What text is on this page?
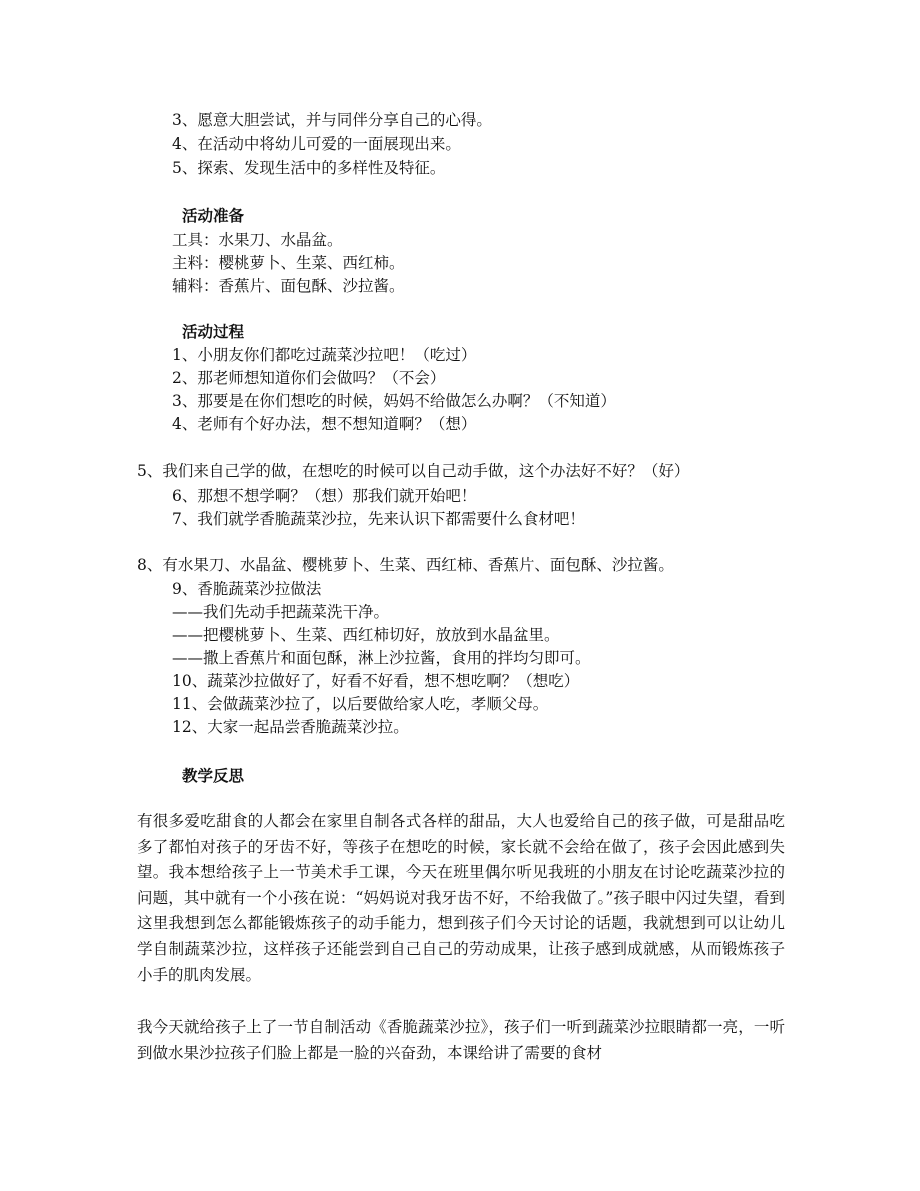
3、愿意大胆尝试，并与同伴分享自己的心得。
4、在活动中将幼儿可爱的一面展现出来。
5、探索、发现生活中的多样性及特征。
活动准备
工具：水果刀、水晶盆。
主料：樱桃萝卜、生菜、西红柿。
辅料：香蕉片、面包酥、沙拉酱。
活动过程
1、小朋友你们都吃过蔬菜沙拉吧！（吃过）
2、那老师想知道你们会做吗？（不会）
3、那要是在你们想吃的时候，妈妈不给做怎么办啊？（不知道）
4、老师有个好办法，想不想知道啊？（想）
5、我们来自己学的做，在想吃的时候可以自己动手做，这个办法好不好？（好）
6、那想不想学啊？（想）那我们就开始吧！
7、我们就学香脆蔬菜沙拉，先来认识下都需要什么食材吧！
8、有水果刀、水晶盆、樱桃萝卜、生菜、西红柿、香蕉片、面包酥、沙拉酱。
9、香脆蔬菜沙拉做法
——我们先动手把蔬菜洗干净。
——把樱桃萝卜、生菜、西红柿切好，放放到水晶盆里。
——撒上香蕉片和面包酥，淋上沙拉酱，食用的拌均匀即可。
10、蔬菜沙拉做好了，好看不好看，想不想吃啊？（想吃）
11、会做蔬菜沙拉了，以后要做给家人吃，孝顺父母。
12、大家一起品尝香脆蔬菜沙拉。
教学反思
有很多爱吃甜食的人都会在家里自制各式各样的甜品，大人也爱给自己的孩子做，可是甜品吃多了都怕对孩子的牙齿不好，等孩子在想吃的时候，家长就不会给在做了，孩子会因此感到失望。我本想给孩子上一节美术手工课，今天在班里偶尔听见我班的小朋友在讨论吃蔬菜沙拉的问题，其中就有一个小孩在说：“妈妈说对我牙齿不好，不给我做了。”孩子眼中闪过失望，看到这里我想到怎么都能锻炼孩子的动手能力，想到孩子们今天讨论的话题，我就想到可以让幼儿学自制蔬菜沙拉，这样孩子还能尝到自己自己的劳动成果，让孩子感到成就感，从而锻炼孩子小手的肌肉发展。
我今天就给孩子上了一节自制活动《香脆蔬菜沙拉》，孩子们一听到蔬菜沙拉眼睛都一亮，一听到做水果沙拉孩子们脸上都是一脸的兴奋劲，本课给讲了需要的食材
